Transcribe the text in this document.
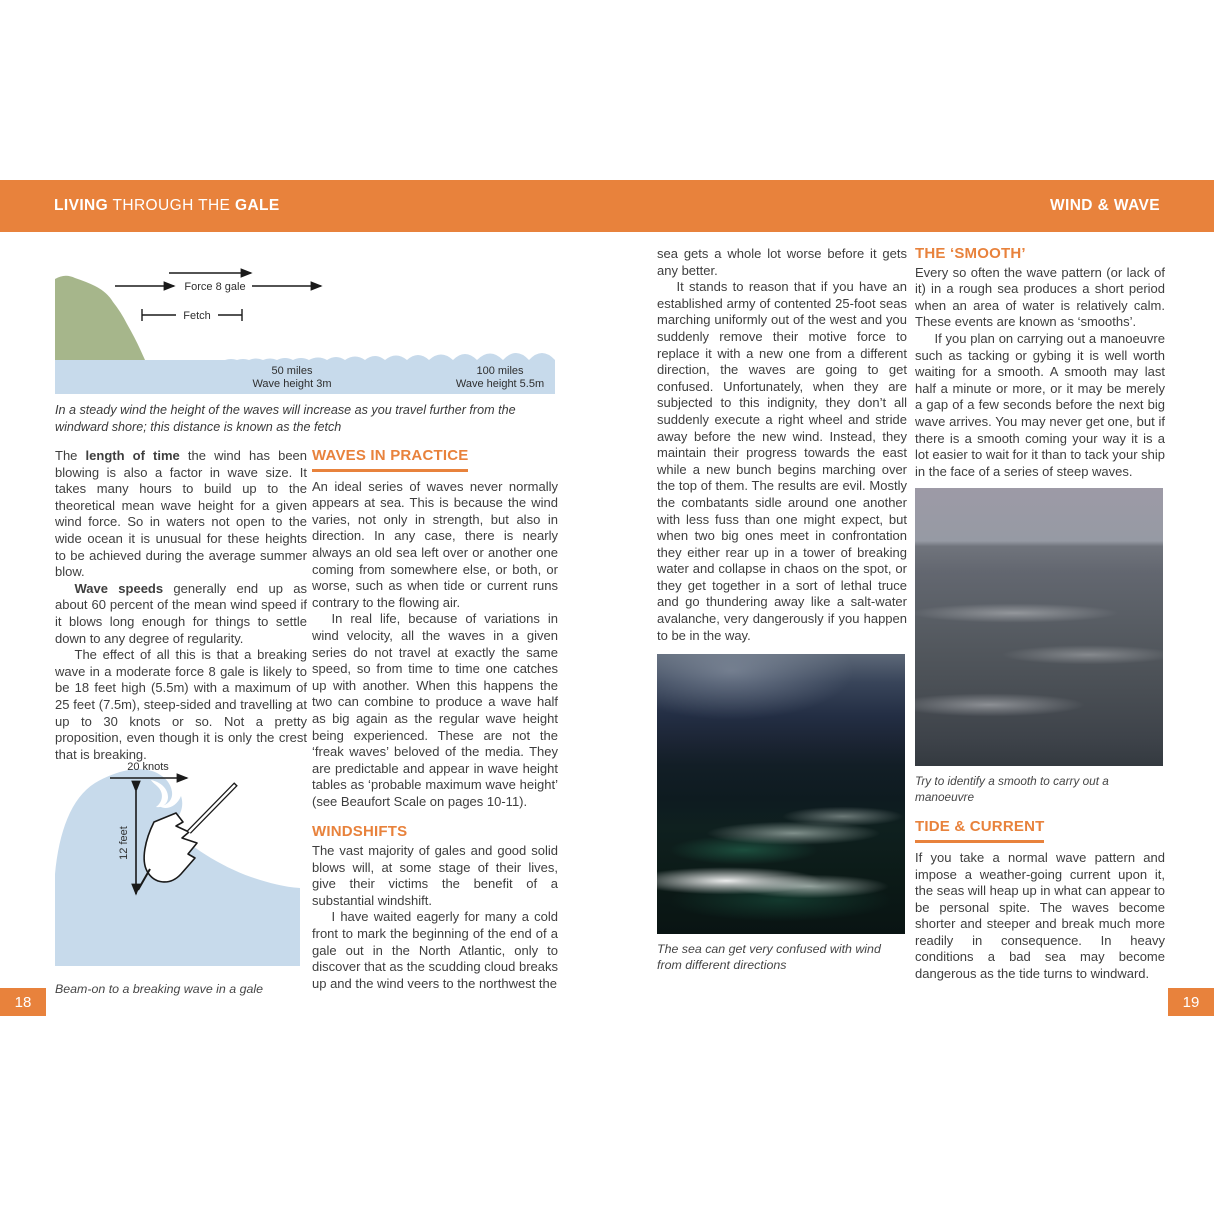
LIVING THROUGH THE GALE	WIND & WAVE
Force 8 gale
Fetch
50 miles
Wave height 3m
100 miles
Wave height 5.5m
In a steady wind the height of the waves will increase as you travel further from the windward shore; this distance is known as the fetch

The length of time the wind has been blowing is also a factor in wave size. It takes many hours to build up to the theoretical mean wave height for a given wind force. So in waters not open to the wide ocean it is unusual for these heights to be achieved during the average summer blow.

Wave speeds generally end up as about 60 percent of the mean wind speed if it blows long enough for things to settle down to any degree of regularity.

The effect of all this is that a breaking wave in a moderate force 8 gale is likely to be 18 feet high (5.5m) with a maximum of 25 feet (7.5m), steep-sided and travelling at up to 30 knots or so. Not a pretty proposition, even though it is only the crest that is breaking.

20 knots
12 feet
Beam-on to a breaking wave in a gale
18	19
WAVES IN PRACTICE

An ideal series of waves never normally appears at sea. This is because the wind varies, not only in strength, but also in direction. In any case, there is nearly always an old sea left over or another one coming from somewhere else, or both, or worse, such as when tide or current runs contrary to the flowing air.

In real life, because of variations in wind velocity, all the waves in a given series do not travel at exactly the same speed, so from time to time one catches up with another. When this happens the two can combine to produce a wave half as big again as the regular wave height being experienced. These are not the ‘freak waves’ beloved of the media. They are predictable and appear in wave height tables as ‘probable maximum wave height’ (see Beaufort Scale on pages 10-11).

WINDSHIFTS

The vast majority of gales and good solid blows will, at some stage of their lives, give their victims the benefit of a substantial windshift.

I have waited eagerly for many a cold front to mark the beginning of the end of a gale out in the North Atlantic, only to discover that as the scudding cloud breaks up and the wind veers to the northwest the

sea gets a whole lot worse before it gets any better.

It stands to reason that if you have an established army of contented 25-foot seas marching uniformly out of the west and you suddenly remove their motive force to replace it with a new one from a different direction, the waves are going to get confused. Unfortunately, when they are subjected to this indignity, they don’t all suddenly execute a right wheel and stride away before the new wind. Instead, they maintain their progress towards the east while a new bunch begins marching over the top of them. The results are evil. Mostly the combatants sidle around one another with less fuss than one might expect, but when two big ones meet in confrontation they either rear up in a tower of breaking water and collapse in chaos on the spot, or they get together in a sort of lethal truce and go thundering away like a salt-water avalanche, very dangerously if you happen to be in the way.

The sea can get very confused with wind from different directions
THE ‘SMOOTH’

Every so often the wave pattern (or lack of it) in a rough sea produces a short period when an area of water is relatively calm. These events are known as ‘smooths’.

If you plan on carrying out a manoeuvre such as tacking or gybing it is well worth waiting for a smooth. A smooth may last half a minute or more, or it may be merely a gap of a few seconds before the next big wave arrives. You may never get one, but if there is a smooth coming your way it is a lot easier to wait for it than to tack your ship in the face of a series of steep waves.

Try to identify a smooth to carry out a manoeuvre
TIDE & CURRENT

If you take a normal wave pattern and impose a weather-going current upon it, the seas will heap up in what can appear to be personal spite. The waves become shorter and steeper and break much more readily in consequence. In heavy conditions a bad sea may become dangerous as the tide turns to windward.
